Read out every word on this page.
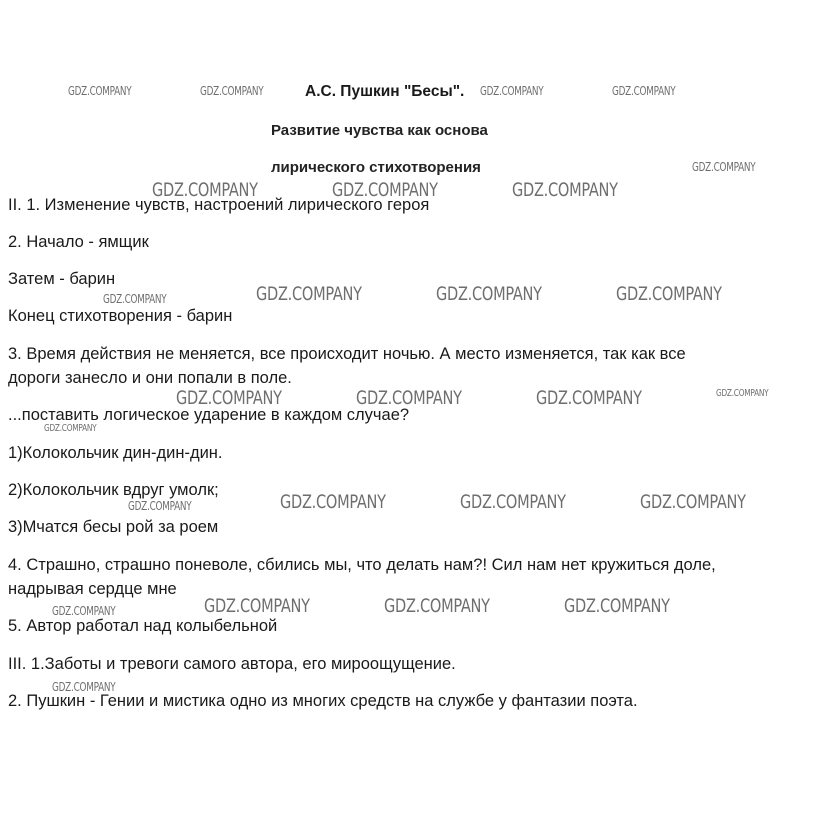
GDZ.COMPANY	GDZ.COMPANY	GDZ.COMPANY	GDZ.COMPANY
GDZ.COMPANY
GDZ.COMPANY	GDZ.COMPANY	GDZ.COMPANY
GDZ.COMPANY	GDZ.COMPANY	GDZ.COMPANY	GDZ.COMPANY
GDZ.COMPANY	GDZ.COMPANY	GDZ.COMPANY	GDZ.COMPANY
GDZ.COMPANY
GDZ.COMPANY	GDZ.COMPANY	GDZ.COMPANY	GDZ.COMPANY
GDZ.COMPANY	GDZ.COMPANY	GDZ.COMPANY	GDZ.COMPANY
GDZ.COMPANY
А.С. Пушкин "Бесы".
Развитие чувства как основа
лирического стихотворения
II. 1. Изменение чувств, настроений лирического героя
2. Начало - ямщик
Затем - барин
Конец стихотворения - барин
3. Время действия не меняется, все происходит ночью. А место изменяется, так как все
дороги занесло и они попали в поле.
...поставить логическое ударение в каждом случае?
1)Колокольчик дин-дин-дин.
2)Колокольчик вдруг умолк;
3)Мчатся бесы рой за роем
4. Страшно, страшно поневоле, сбились мы, что делать нам?! Сил нам нет кружиться доле,
надрывая сердце мне
5. Автор работал над колыбельной
III. 1.Заботы и тревоги самого автора, его мироощущение.
2. Пушкин - Гении и мистика одно из многих средств на службе у фантазии поэта.
